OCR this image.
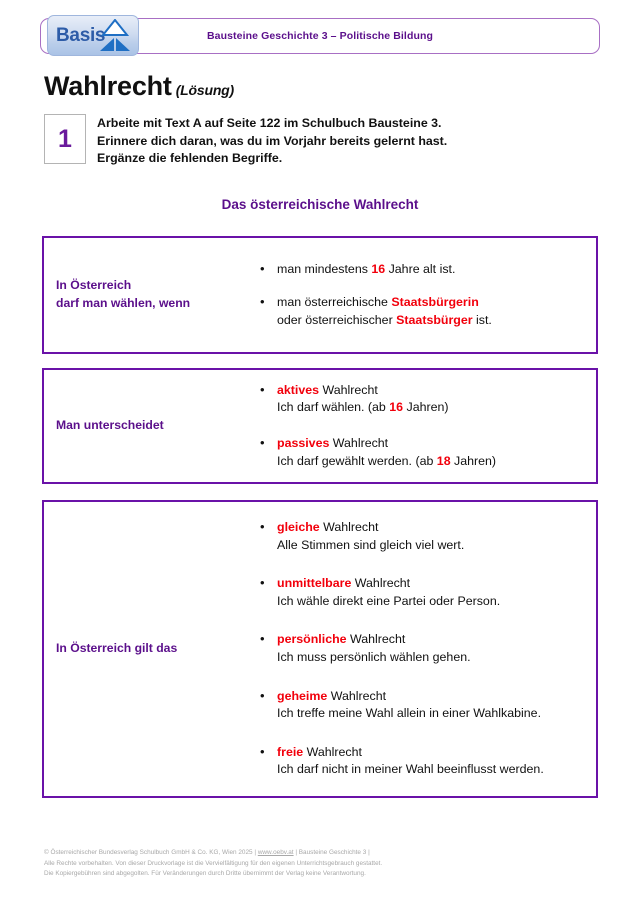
Bausteine Geschichte 3 – Politische Bildung
Basis
Wahlrecht (Lösung)
1
Arbeite mit Text A auf Seite 122 im Schulbuch Bausteine 3.
Erinnere dich daran, was du im Vorjahr bereits gelernt hast.
Ergänze die fehlenden Begriffe.
Das österreichische Wahlrecht
In Österreich
darf man wählen, wenn
• man mindestens 16 Jahre alt ist.
• man österreichische Staatsbürgerin
oder österreichischer Staatsbürger ist.
Man unterscheidet
• aktives Wahlrecht
Ich darf wählen. (ab 16 Jahren)
• passives Wahlrecht
Ich darf gewählt werden. (ab 18 Jahren)
In Österreich gilt das
• gleiche Wahlrecht
Alle Stimmen sind gleich viel wert.
• unmittelbare Wahlrecht
Ich wähle direkt eine Partei oder Person.
• persönliche Wahlrecht
Ich muss persönlich wählen gehen.
• geheime Wahlrecht
Ich treffe meine Wahl allein in einer Wahlkabine.
• freie Wahlrecht
Ich darf nicht in meiner Wahl beeinflusst werden.
© Österreichischer Bundesverlag Schulbuch GmbH & Co. KG, Wien 2025 | www.oebv.at | Bausteine Geschichte 3 |
Alle Rechte vorbehalten. Von dieser Druckvorlage ist die Vervielfältigung für den eigenen Unterrichtsgebrauch gestattet.
Die Kopiergebühren sind abgegolten. Für Veränderungen durch Dritte übernimmt der Verlag keine Verantwortung.
